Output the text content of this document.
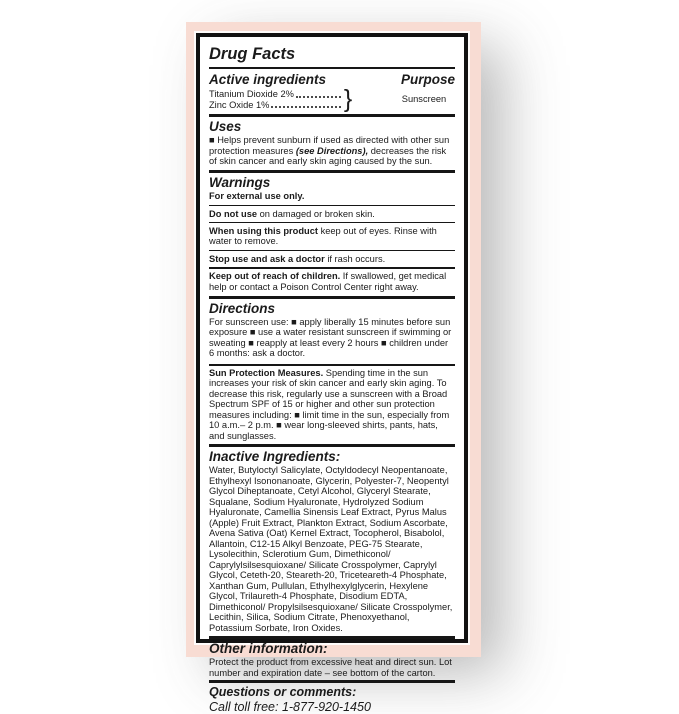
Drug Facts
Active ingredients	Purpose
Titanium Dioxide 2%
Zinc Oxide 1%	}	Sunscreen
Uses

■ Helps prevent sunburn if used as directed with other sun protection measures (see Directions), decreases the risk of skin cancer and early skin aging caused by the sun.

Warnings

For external use only.

Do not use on damaged or broken skin.

When using this product keep out of eyes. Rinse with water to remove.

Stop use and ask a doctor if rash occurs.

Keep out of reach of children. If swallowed, get medical help or contact a Poison Control Center right away.

Directions

For sunscreen use: ■ apply liberally 15 minutes before sun exposure ■ use a water resistant sunscreen if swimming or sweating ■ reapply at least every 2 hours ■ children under 6 months: ask a doctor.

Sun Protection Measures. Spending time in the sun increases your risk of skin cancer and early skin aging. To decrease this risk, regularly use a sunscreen with a Broad Spectrum SPF of 15 or higher and other sun protection measures including: ■ limit time in the sun, especially from 10 a.m.– 2 p.m. ■ wear long-sleeved shirts, pants, hats, and sunglasses.

Inactive Ingredients:

Water, Butyloctyl Salicylate, Octyldodecyl Neopentanoate, Ethylhexyl Isononanoate, Glycerin, Polyester-7, Neopentyl Glycol Diheptanoate, Cetyl Alcohol, Glyceryl Stearate, Squalane, Sodium Hyaluronate, Hydrolyzed Sodium Hyaluronate, Camellia Sinensis Leaf Extract, Pyrus Malus (Apple) Fruit Extract, Plankton Extract, Sodium Ascorbate, Avena Sativa (Oat) Kernel Extract, Tocopherol, Bisabolol, Allantoin, C12-15 Alkyl Benzoate, PEG-75 Stearate, Lysolecithin, Sclerotium Gum, Dimethiconol/ Caprylylsilsesquioxane/ Silicate Crosspolymer, Caprylyl Glycol, Ceteth-20, Steareth-20, Triceteareth-4 Phosphate, Xanthan Gum, Pullulan, Ethylhexylglycerin, Hexylene Glycol, Trilaureth-4 Phosphate, Disodium EDTA, Dimethiconol/ Propylsilsesquioxane/ Silicate Crosspolymer, Lecithin, Silica, Sodium Citrate, Phenoxyethanol, Potassium Sorbate, Iron Oxides.

Other information:

Protect the product from excessive heat and direct sun. Lot number and expiration date – see bottom of the carton.

Questions or comments:

Call toll free: 1-877-920-1450
